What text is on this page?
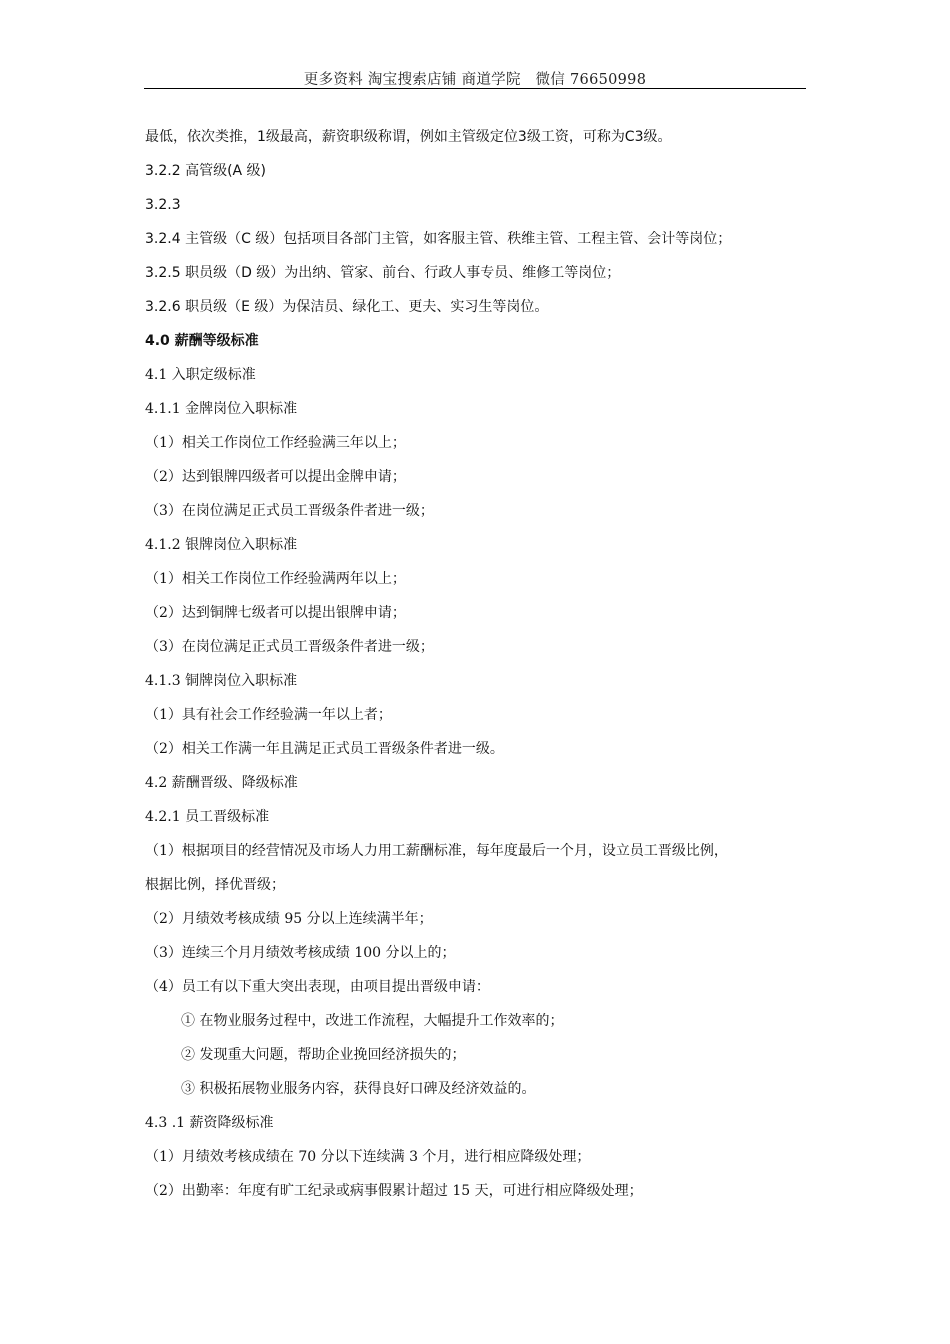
更多资料 淘宝搜索店铺 商道学院   微信 76650998
最低，依次类推，1级最高，薪资职级称谓，例如主管级定位3级工资，可称为C3级。
3.2.2 高管级(A 级)
3.2.3
3.2.4 主管级（C 级）包括项目各部门主管，如客服主管、秩维主管、工程主管、会计等岗位；
3.2.5 职员级（D 级）为出纳、管家、前台、行政人事专员、维修工等岗位；
3.2.6 职员级（E 级）为保洁员、绿化工、更夫、实习生等岗位。
4.0 薪酬等级标准
4.1 入职定级标准
4.1.1 金牌岗位入职标准
（1）相关工作岗位工作经验满三年以上；
（2）达到银牌四级者可以提出金牌申请；
（3）在岗位满足正式员工晋级条件者进一级；
4.1.2 银牌岗位入职标准
（1）相关工作岗位工作经验满两年以上；
（2）达到铜牌七级者可以提出银牌申请；
（3）在岗位满足正式员工晋级条件者进一级；
4.1.3 铜牌岗位入职标准
（1）具有社会工作经验满一年以上者；
（2）相关工作满一年且满足正式员工晋级条件者进一级。
4.2 薪酬晋级、降级标准
4.2.1 员工晋级标准
（1）根据项目的经营情况及市场人力用工薪酬标准，每年度最后一个月，设立员工晋级比例，
根据比例，择优晋级；
（2）月绩效考核成绩 95 分以上连续满半年；
（3）连续三个月月绩效考核成绩 100 分以上的；
（4）员工有以下重大突出表现，由项目提出晋级申请：
① 在物业服务过程中，改进工作流程，大幅提升工作效率的；
② 发现重大问题，帮助企业挽回经济损失的；
③ 积极拓展物业服务内容，获得良好口碑及经济效益的。
4.3 .1 薪资降级标准
（1）月绩效考核成绩在 70 分以下连续满 3 个月，进行相应降级处理；
（2）出勤率：年度有旷工纪录或病事假累计超过 15 天，可进行相应降级处理；
